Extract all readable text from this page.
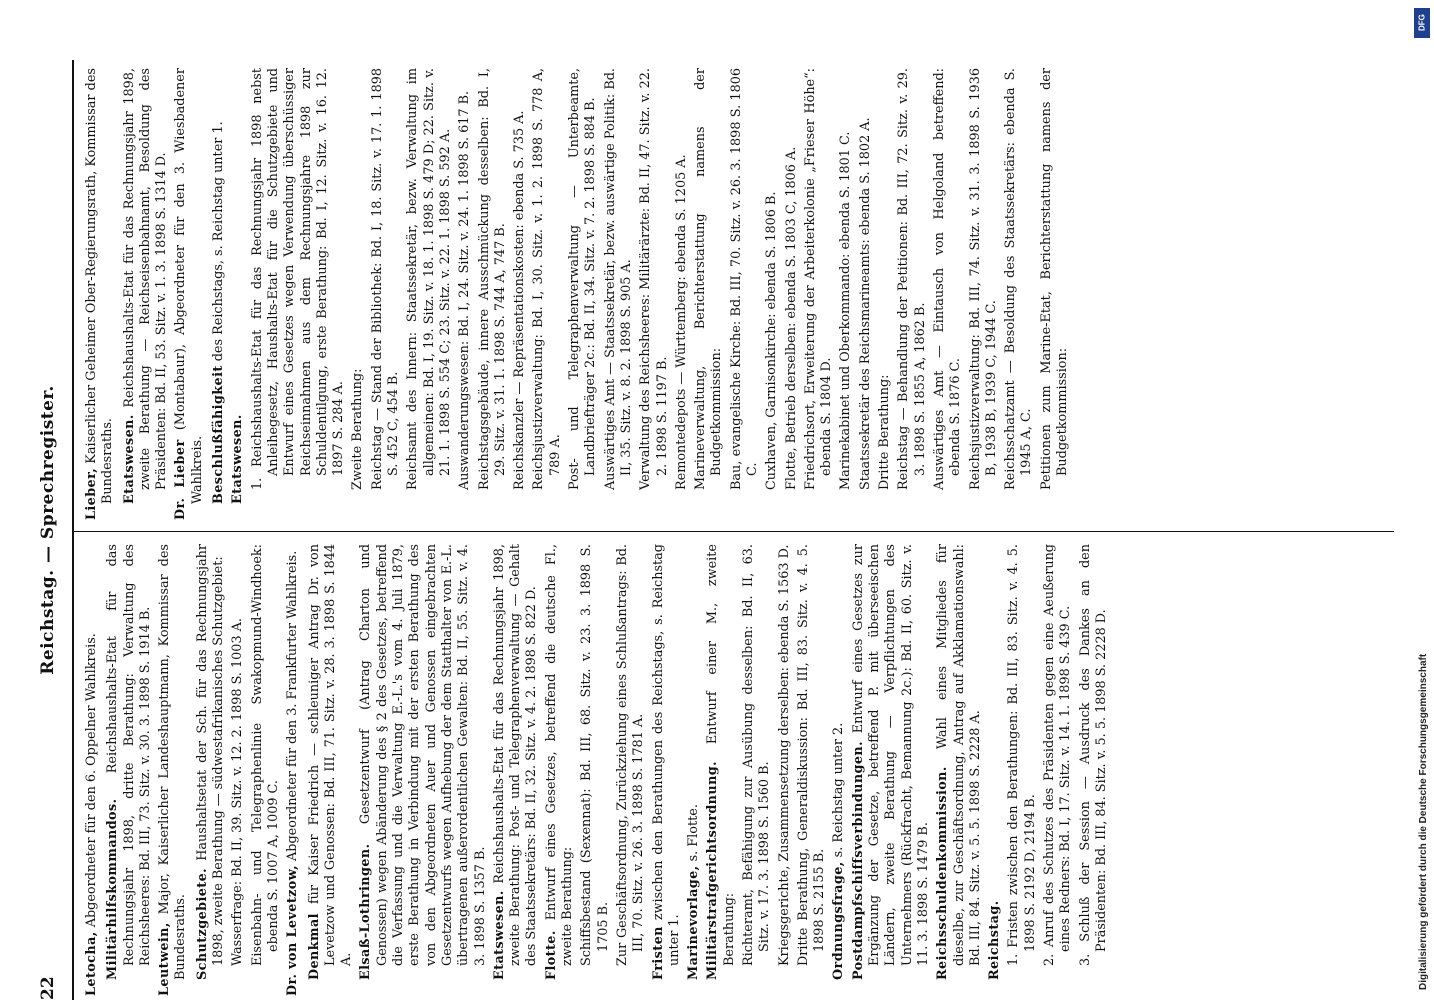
22
Reichstag. — Sprechregister.

Letocha, Abgeordneter für den 6. Oppelner Wahlkreis. Militärhilfskommandos. Reichshaushalts-Etat für das Rechnungsjahr 1898, dritte Berathung: Verwaltung des Reichsheeres: Bd. III, 73. Sitz. v. 30. 3. 1898 S. 1914 B. Leutwein, Major, Kaiserlicher Landeshauptmann, Kommissar des Bundesraths. Schutzgebiete. Haushaltsetat der Sch. für das Rechnungsjahr 1898, zweite Berathung — südwestafrikanisches Schutzgebiet: Wasserfrage: Bd. II, 39. Sitz. v. 12. 2. 1898 S. 1003 A. Eisenbahn- und Telegraphenlinie Swakopmund-Windhoek: ebenda S. 1007 A, 1009 C. Dr. von Levetzow, Abgeordneter für den 3. Frankfurter Wahlkreis.

Denkmal für Kaiser Friedrich — schleuniger Antrag Dr. von Levetzow und Genossen: Bd. III, 71. Sitz. v. 28. 3. 1898 S. 1844 A. Elsaß-Lothringen. Gesetzentwurf (Antrag Charton und Genossen) wegen Abänderung des § 2 des Gesetzes, betreffend die Verfassung und die Verwaltung E.-L.'s vom 4. Juli 1879, erste Berathung in Verbindung mit der ersten Berathung des von den Abgeordneten Auer und Genossen eingebrachten Gesetzentwurfs wegen Aufhebung der dem Statthalter von E.-L. übertragenen außerordentlichen Gewalten: Bd. II, 55. Sitz. v. 4. 3. 1898 S. 1357 B. Etatswesen. Reichshaushalts-Etat für das Rechnungsjahr 1898, zweite Berathung: Post- und Telegraphenverwaltung — Gehalt des Staatssekretärs: Bd. II, 32. Sitz. v. 4. 2. 1898 S. 822 D. Flotte. Entwurf eines Gesetzes, betreffend die deutsche Fl., zweite Berathung: Schiffsbestand (Sexennat): Bd. III, 68. Sitz. v. 23. 3. 1898 S. 1705 B. Zur Geschäftsordnung, Zurückziehung eines Schlußantrags: Bd. III, 70. Sitz. v. 26. 3. 1898 S. 1781 A.

Fristen zwischen den Berathungen des Reichstags, s. Reichstag unter 1. Marinevorlage, s. Flotte. Militärstrafgerichtsordnung. Entwurf einer M., zweite Berathung: Richteramt, Befähigung zur Ausübung desselben: Bd. II, 63. Sitz. v. 17. 3. 1898 S. 1560 B. Kriegsgerichte, Zusammensetzung derselben: ebenda S. 1563 D. Dritte Berathung, Generaldiskussion: Bd. III, 83. Sitz. v. 4. 5. 1898 S. 2155 B. Ordnungsfrage, s. Reichstag unter 2. Postdampfschiffsverbindungen. Entwurf eines Gesetzes zur Ergänzung der Gesetze, betreffend P. mit überseeischen Ländern, zweite Berathung — Verpflichtungen des Unternehmers (Rückfracht, Bemannung 2c.): Bd. II, 60. Sitz. v. 11. 3. 1898 S. 1479 B. Reichsschuldenkommission. Wahl eines Mitgliedes für dieselbe, zur Geschäftsordnung, Antrag auf Akklamationswahl: Bd. III, 84. Sitz. v. 5. 5. 1898 S. 2228 A. Reichstag. 1. Fristen zwischen den Berathungen: Bd. III, 83. Sitz. v. 4. 5. 1898 S. 2192 D, 2194 B. 2. Anruf des Schutzes des Präsidenten gegen eine Aeußerung eines Redners: Bd. I, 17. Sitz. v. 14. 1. 1898 S. 439 C. 3. Schluß der Session — Ausdruck des Dankes an den Präsidenten: Bd. III, 84. Sitz. v. 5. 5. 1898 S. 2228 D.

Lieber, Kaiserlicher Geheimer Ober-Regierungsrath, Kommissar des Bundesraths. Etatswesen. Reichshaushalts-Etat für das Rechnungsjahr 1898, zweite Berathung — Reichseisenbahnamt, Besoldung des Präsidenten: Bd. II, 53. Sitz. v. 1. 3. 1898 S. 1314 D. Dr. Lieber (Montabaur), Abgeordneter für den 3. Wiesbadener Wahlkreis. Beschlußfähigkeit des Reichstags, s. Reichstag unter 1.

Etatswesen. 1. Reichshaushalts-Etat für das Rechnungsjahr 1898 nebst Anleihegesetz, Haushalts-Etat für die Schutzgebiete und Entwurf eines Gesetzes wegen Verwendung überschüssiger Reichseinnahmen aus dem Rechnungsjahre 1898 zur Schuldentilgung, erste Berathung: Bd. I, 12. Sitz. v. 16. 12. 1897 S. 284 A. Zweite Berathung: Reichstag — Stand der Bibliothek: Bd. I, 18. Sitz. v. 17. 1. 1898 S. 452 C, 454 B. Reichsamt des Innern: Staatssekretär, bezw. Verwaltung im allgemeinen: Bd. I, 19. Sitz. v. 18. 1. 1898 S. 479 D; 22. Sitz. v. 21. 1. 1898 S. 554 C; 23. Sitz. v. 22. 1. 1898 S. 592 A. Auswanderungswesen: Bd. I, 24. Sitz. v. 24. 1. 1898 S. 617 B. Reichstagsgebäude, innere Ausschmückung desselben: Bd. I, 29. Sitz. v. 31. 1. 1898 S. 744 A, 747 B. Reichskanzler — Repräsentationskosten: ebenda S. 735 A. Reichsjustizverwaltung: Bd. I, 30. Sitz. v. 1. 2. 1898 S. 778 A, 789 A. Post- und Telegraphenverwaltung — Unterbeamte, Landbriefträger 2c.: Bd. II, 34. Sitz. v. 7. 2. 1898 S. 884 B. Auswärtiges Amt — Staatssekretär, bezw. auswärtige Politik: Bd. II, 35. Sitz. v. 8. 2. 1898 S. 905 A. Verwaltung des Reichsheeres: Militärärzte: Bd. II, 47. Sitz. v. 22. 2. 1898 S. 1197 B. Remontedepots — Württemberg: ebenda S. 1205 A. Marineverwaltung, Berichterstattung namens der Budgetkommission: Bau, evangelische Kirche: Bd. III, 70. Sitz. v. 26. 3. 1898 S. 1806 C. Cuxhaven, Garnisonkirche: ebenda S. 1806 B. Flotte, Betrieb derselben: ebenda S. 1803 C, 1806 A. Friedrichsort, Erweiterung der Arbeiterkolonie „Frieser Höhe“: ebenda S. 1804 D. Marinekabinet und Oberkommando: ebenda S. 1801 C. Staatssekretär des Reichsmarineamts: ebenda S. 1802 A. Dritte Berathung: Reichstag — Behandlung der Petitionen: Bd. III, 72. Sitz. v. 29. 3. 1898 S. 1855 A, 1862 B. Auswärtiges Amt — Eintausch von Helgoland betreffend: ebenda S. 1876 C. Reichsjustizverwaltung: Bd. III, 74. Sitz. v. 31. 3. 1898 S. 1936 B, 1938 B, 1939 C, 1944 C. Reichsschatzamt — Besoldung des Staatssekretärs: ebenda S. 1945 A, C. Petitionen zum Marine-Etat, Berichterstattung namens der Budgetkommission:

DFG
Digitalisierung gefördert durch die Deutsche Forschungsgemeinschaft
